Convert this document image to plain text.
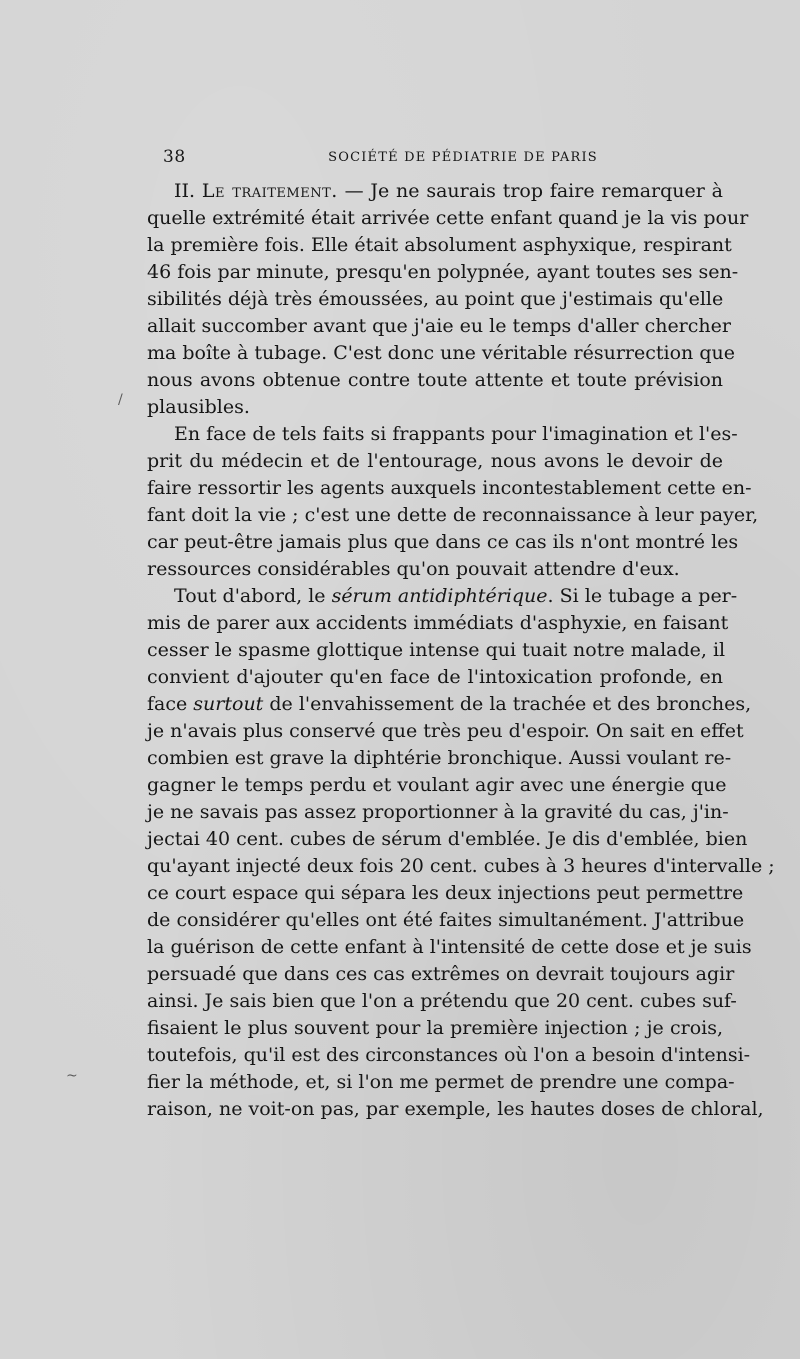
38	SOCIÉTÉ DE PÉDIATRIE DE PARIS
II. Le traitement. — Je ne saurais trop faire remarquer à
quelle extrémité était arrivée cette enfant quand je la vis pour
la première fois. Elle était absolument asphyxique, respirant
46 fois par minute, presqu'en polypnée, ayant toutes ses sen-
sibilités déjà très émoussées, au point que j'estimais qu'elle
allait succomber avant que j'aie eu le temps d'aller chercher
ma boîte à tubage. C'est donc une véritable résurrection que
nous avons obtenue contre toute attente et toute prévision
plausibles.
En face de tels faits si frappants pour l'imagination et l'es-
prit du médecin et de l'entourage, nous avons le devoir de
faire ressortir les agents auxquels incontestablement cette en-
fant doit la vie ; c'est une dette de reconnaissance à leur payer,
car peut-être jamais plus que dans ce cas ils n'ont montré les
ressources considérables qu'on pouvait attendre d'eux.
Tout d'abord, le sérum antidiphtérique. Si le tubage a per-
mis de parer aux accidents immédiats d'asphyxie, en faisant
cesser le spasme glottique intense qui tuait notre malade, il
convient d'ajouter qu'en face de l'intoxication profonde, en
face surtout de l'envahissement de la trachée et des bronches,
je n'avais plus conservé que très peu d'espoir. On sait en effet
combien est grave la diphtérie bronchique. Aussi voulant re-
gagner le temps perdu et voulant agir avec une énergie que
je ne savais pas assez proportionner à la gravité du cas, j'in-
jectai 40 cent. cubes de sérum d'emblée. Je dis d'emblée, bien
qu'ayant injecté deux fois 20 cent. cubes à 3 heures d'intervalle ;
ce court espace qui sépara les deux injections peut permettre
de considérer qu'elles ont été faites simultanément. J'attribue
la guérison de cette enfant à l'intensité de cette dose et je suis
persuadé que dans ces cas extrêmes on devrait toujours agir
ainsi. Je sais bien que l'on a prétendu que 20 cent. cubes suf-
fisaient le plus souvent pour la première injection ; je crois,
toutefois, qu'il est des circonstances où l'on a besoin d'intensi-
fier la méthode, et, si l'on me permet de prendre une compa-
raison, ne voit-on pas, par exemple, les hautes doses de chloral,
/
~
